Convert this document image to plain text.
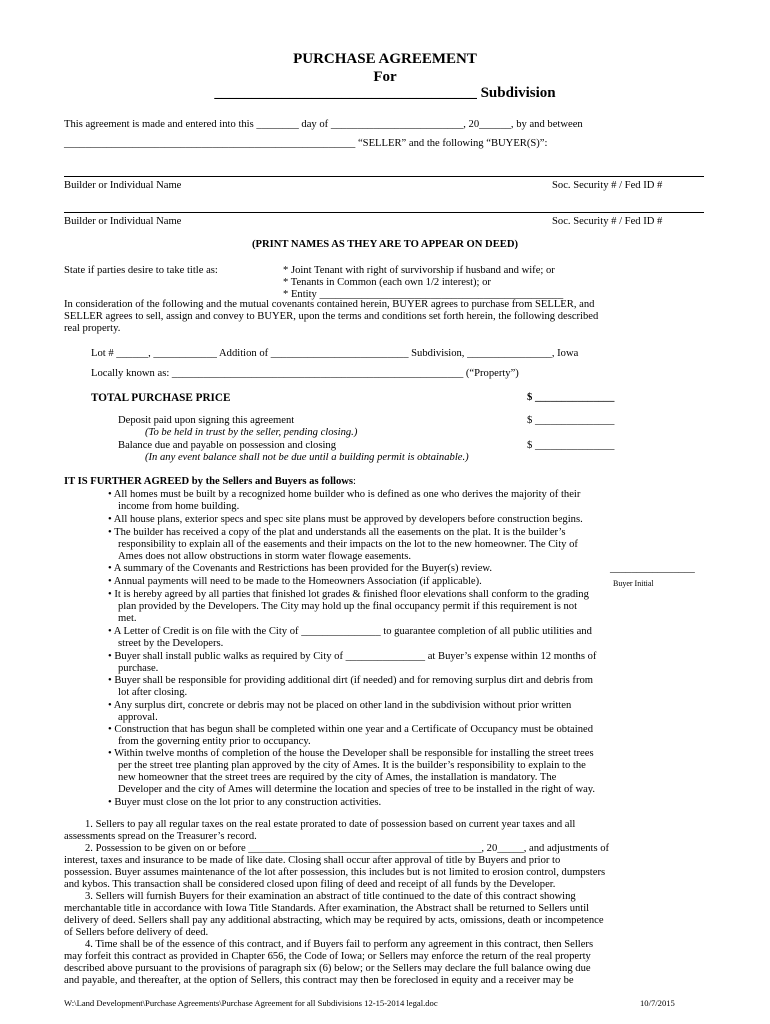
PURCHASE AGREEMENT
For
___________________________________ Subdivision
This agreement is made and entered into this ________ day of _________________________, 20______, by and between
_______________________________________________________ “SELLER” and the following “BUYER(S)”:
Builder or Individual Name	Soc. Security # / Fed ID #
Builder or Individual Name	Soc. Security # / Fed ID #
(PRINT NAMES AS THEY ARE TO APPEAR ON DEED)
State if parties desire to take title as:	* Joint Tenant with right of survivorship if husband and wife; or
* Tenants in Common (each own 1/2 interest); or
* Entity ______________________________________________
In consideration of the following and the mutual covenants contained herein, BUYER agrees to purchase from SELLER, and
SELLER agrees to sell, assign and convey to BUYER, upon the terms and conditions set forth herein, the following described
real property.
Lot # ______, ____________ Addition of __________________________ Subdivision, ________________, Iowa
Locally known as: _______________________________________________________ (“Property”)
TOTAL PURCHASE PRICE	$ _______________
Deposit paid upon signing this agreement	$ _______________
(To be held in trust by the seller, pending closing.)
Balance due and payable on possession and closing	$ _______________
(In any event balance shall not be due until a building permit is obtainable.)
IT IS FURTHER AGREED by the Sellers and Buyers as follows:
• All homes must be built by a recognized home builder who is defined as one who derives the majority of their
income from home building.
• All house plans, exterior specs and spec site plans must be approved by developers before construction begins.
• The builder has received a copy of the plat and understands all the easements on the plat. It is the builder’s
responsibility to explain all of the easements and their impacts on the lot to the new homeowner. The City of
Ames does not allow obstructions in storm water flowage easements.
• A summary of the Covenants and Restrictions has been provided for the Buyer(s) review.	________________
• Annual payments will need to be made to the Homeowners Association (if applicable).	Buyer Initial
• It is hereby agreed by all parties that finished lot grades & finished floor elevations shall conform to the grading
plan provided by the Developers. The City may hold up the final occupancy permit if this requirement is not
met.
• A Letter of Credit is on file with the City of _______________ to guarantee completion of all public utilities and
street by the Developers.
• Buyer shall install public walks as required by City of _______________ at Buyer’s expense within 12 months of
purchase.
• Buyer shall be responsible for providing additional dirt (if needed) and for removing surplus dirt and debris from
lot after closing.
• Any surplus dirt, concrete or debris may not be placed on other land in the subdivision without prior written
approval.
• Construction that has begun shall be completed within one year and a Certificate of Occupancy must be obtained
from the governing entity prior to occupancy.
• Within twelve months of completion of the house the Developer shall be responsible for installing the street trees
per the street tree planting plan approved by the city of Ames. It is the builder’s responsibility to explain to the
new homeowner that the street trees are required by the city of Ames, the installation is mandatory. The
Developer and the city of Ames will determine the location and species of tree to be installed in the right of way.
• Buyer must close on the lot prior to any construction activities.
1. Sellers to pay all regular taxes on the real estate prorated to date of possession based on current year taxes and all
assessments spread on the Treasurer’s record.
2. Possession to be given on or before ____________________________________________, 20_____, and adjustments of
interest, taxes and insurance to be made of like date. Closing shall occur after approval of title by Buyers and prior to
possession. Buyer assumes maintenance of the lot after possession, this includes but is not limited to erosion control, dumpsters
and kybos. This transaction shall be considered closed upon filing of deed and receipt of all funds by the Developer.
3. Sellers will furnish Buyers for their examination an abstract of title continued to the date of this contract showing
merchantable title in accordance with Iowa Title Standards. After examination, the Abstract shall be returned to Sellers until
delivery of deed. Sellers shall pay any additional abstracting, which may be required by acts, omissions, death or incompetence
of Sellers before delivery of deed.
4. Time shall be of the essence of this contract, and if Buyers fail to perform any agreement in this contract, then Sellers
may forfeit this contract as provided in Chapter 656, the Code of Iowa; or Sellers may enforce the return of the real property
described above pursuant to the provisions of paragraph six (6) below; or the Sellers may declare the full balance owing due
and payable, and thereafter, at the option of Sellers, this contract may then be foreclosed in equity and a receiver may be
W:\Land Development\Purchase Agreements\Purchase Agreement for all Subdivisions 12-15-2014 legal.doc	10/7/2015
